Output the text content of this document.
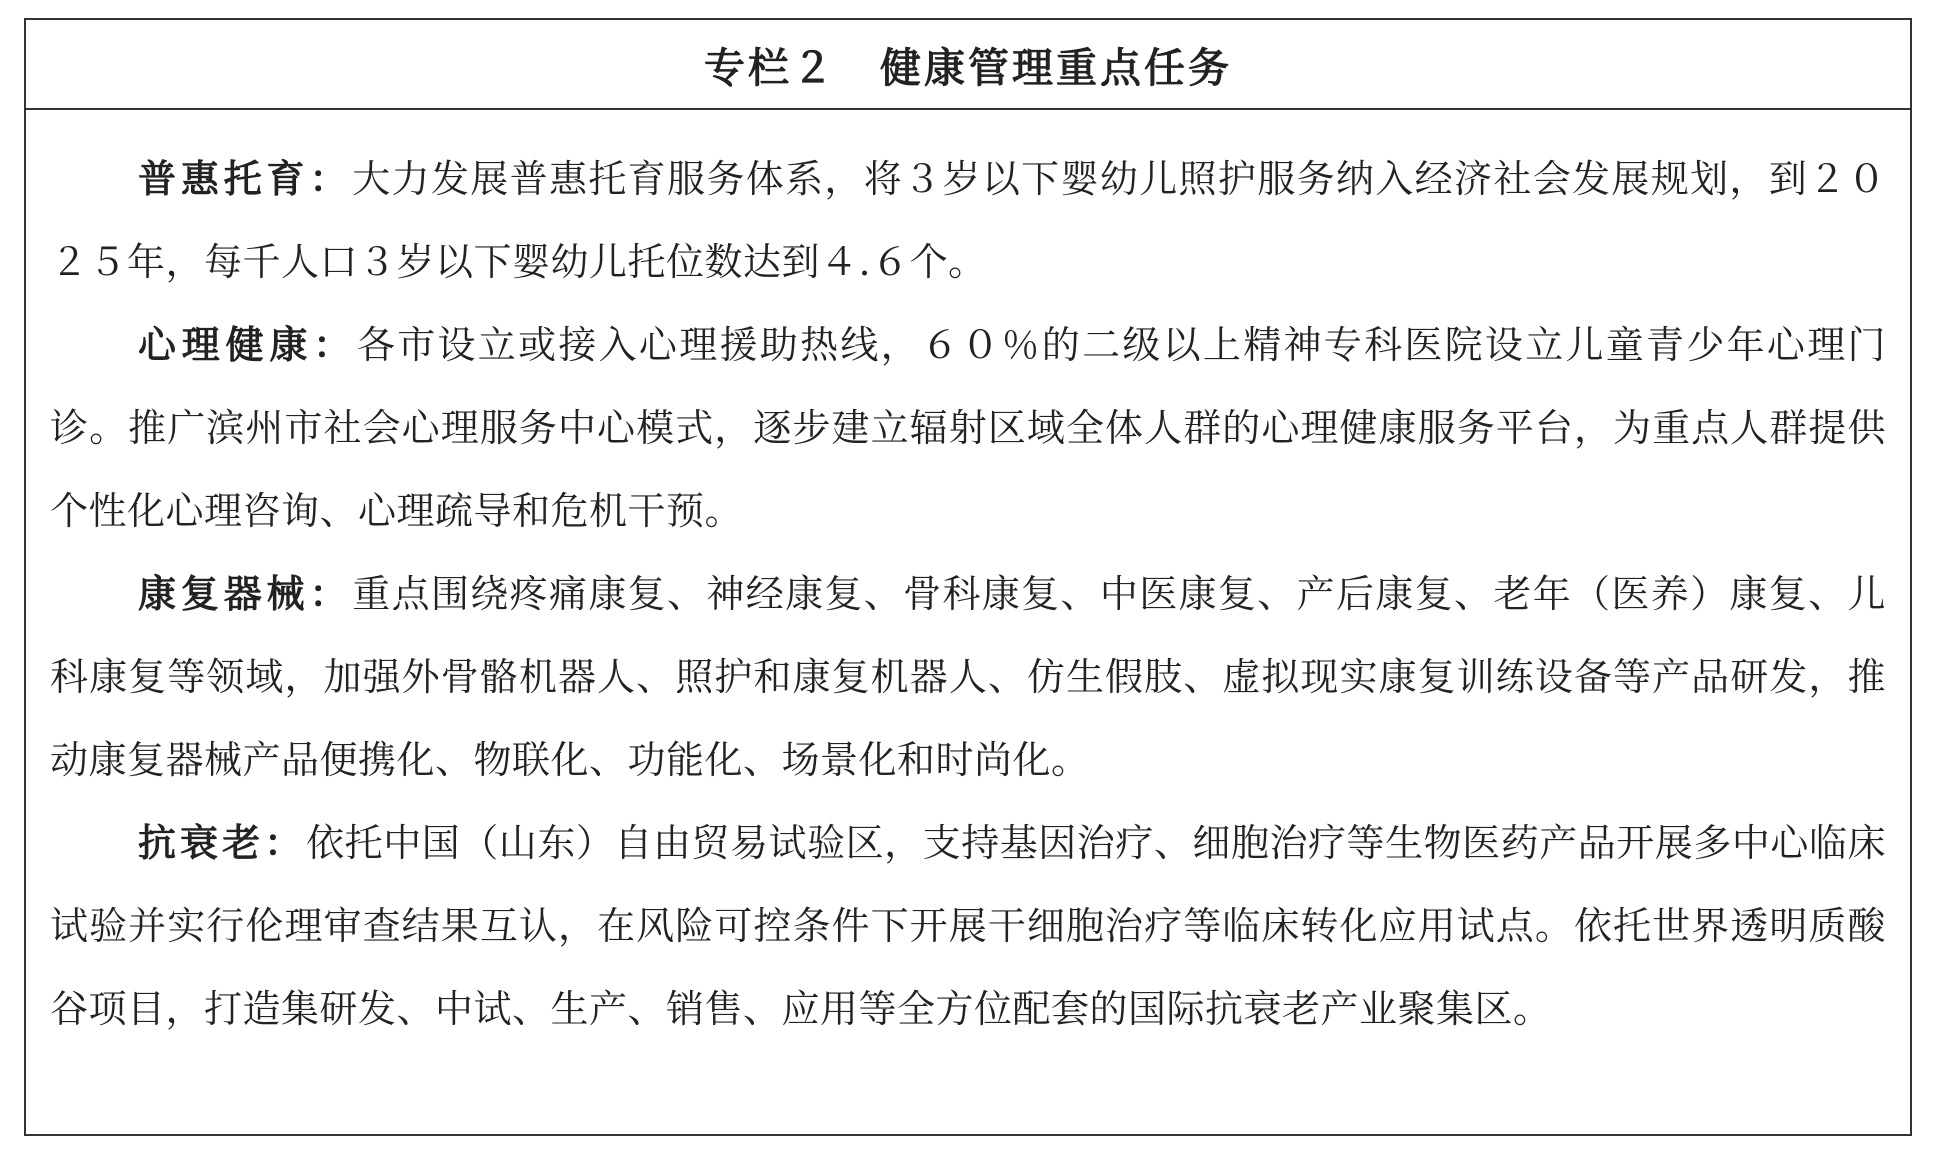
专栏２　健康管理重点任务

普惠托育：大力发展普惠托育服务体系，将３岁以下婴幼儿照护服务纳入经济社会发展规划，到２０２５年，每千人口３岁以下婴幼儿托位数达到４.６个。

心理健康：各市设立或接入心理援助热线，６０％的二级以上精神专科医院设立儿童青少年心理门诊。推广滨州市社会心理服务中心模式，逐步建立辐射区域全体人群的心理健康服务平台，为重点人群提供个性化心理咨询、心理疏导和危机干预。

康复器械：重点围绕疼痛康复、神经康复、骨科康复、中医康复、产后康复、老年（医养）康复、儿科康复等领域，加强外骨骼机器人、照护和康复机器人、仿生假肢、虚拟现实康复训练设备等产品研发，推动康复器械产品便携化、物联化、功能化、场景化和时尚化。

抗衰老：依托中国（山东）自由贸易试验区，支持基因治疗、细胞治疗等生物医药产品开展多中心临床试验并实行伦理审查结果互认，在风险可控条件下开展干细胞治疗等临床转化应用试点。依托世界透明质酸谷项目，打造集研发、中试、生产、销售、应用等全方位配套的国际抗衰老产业聚集区。
